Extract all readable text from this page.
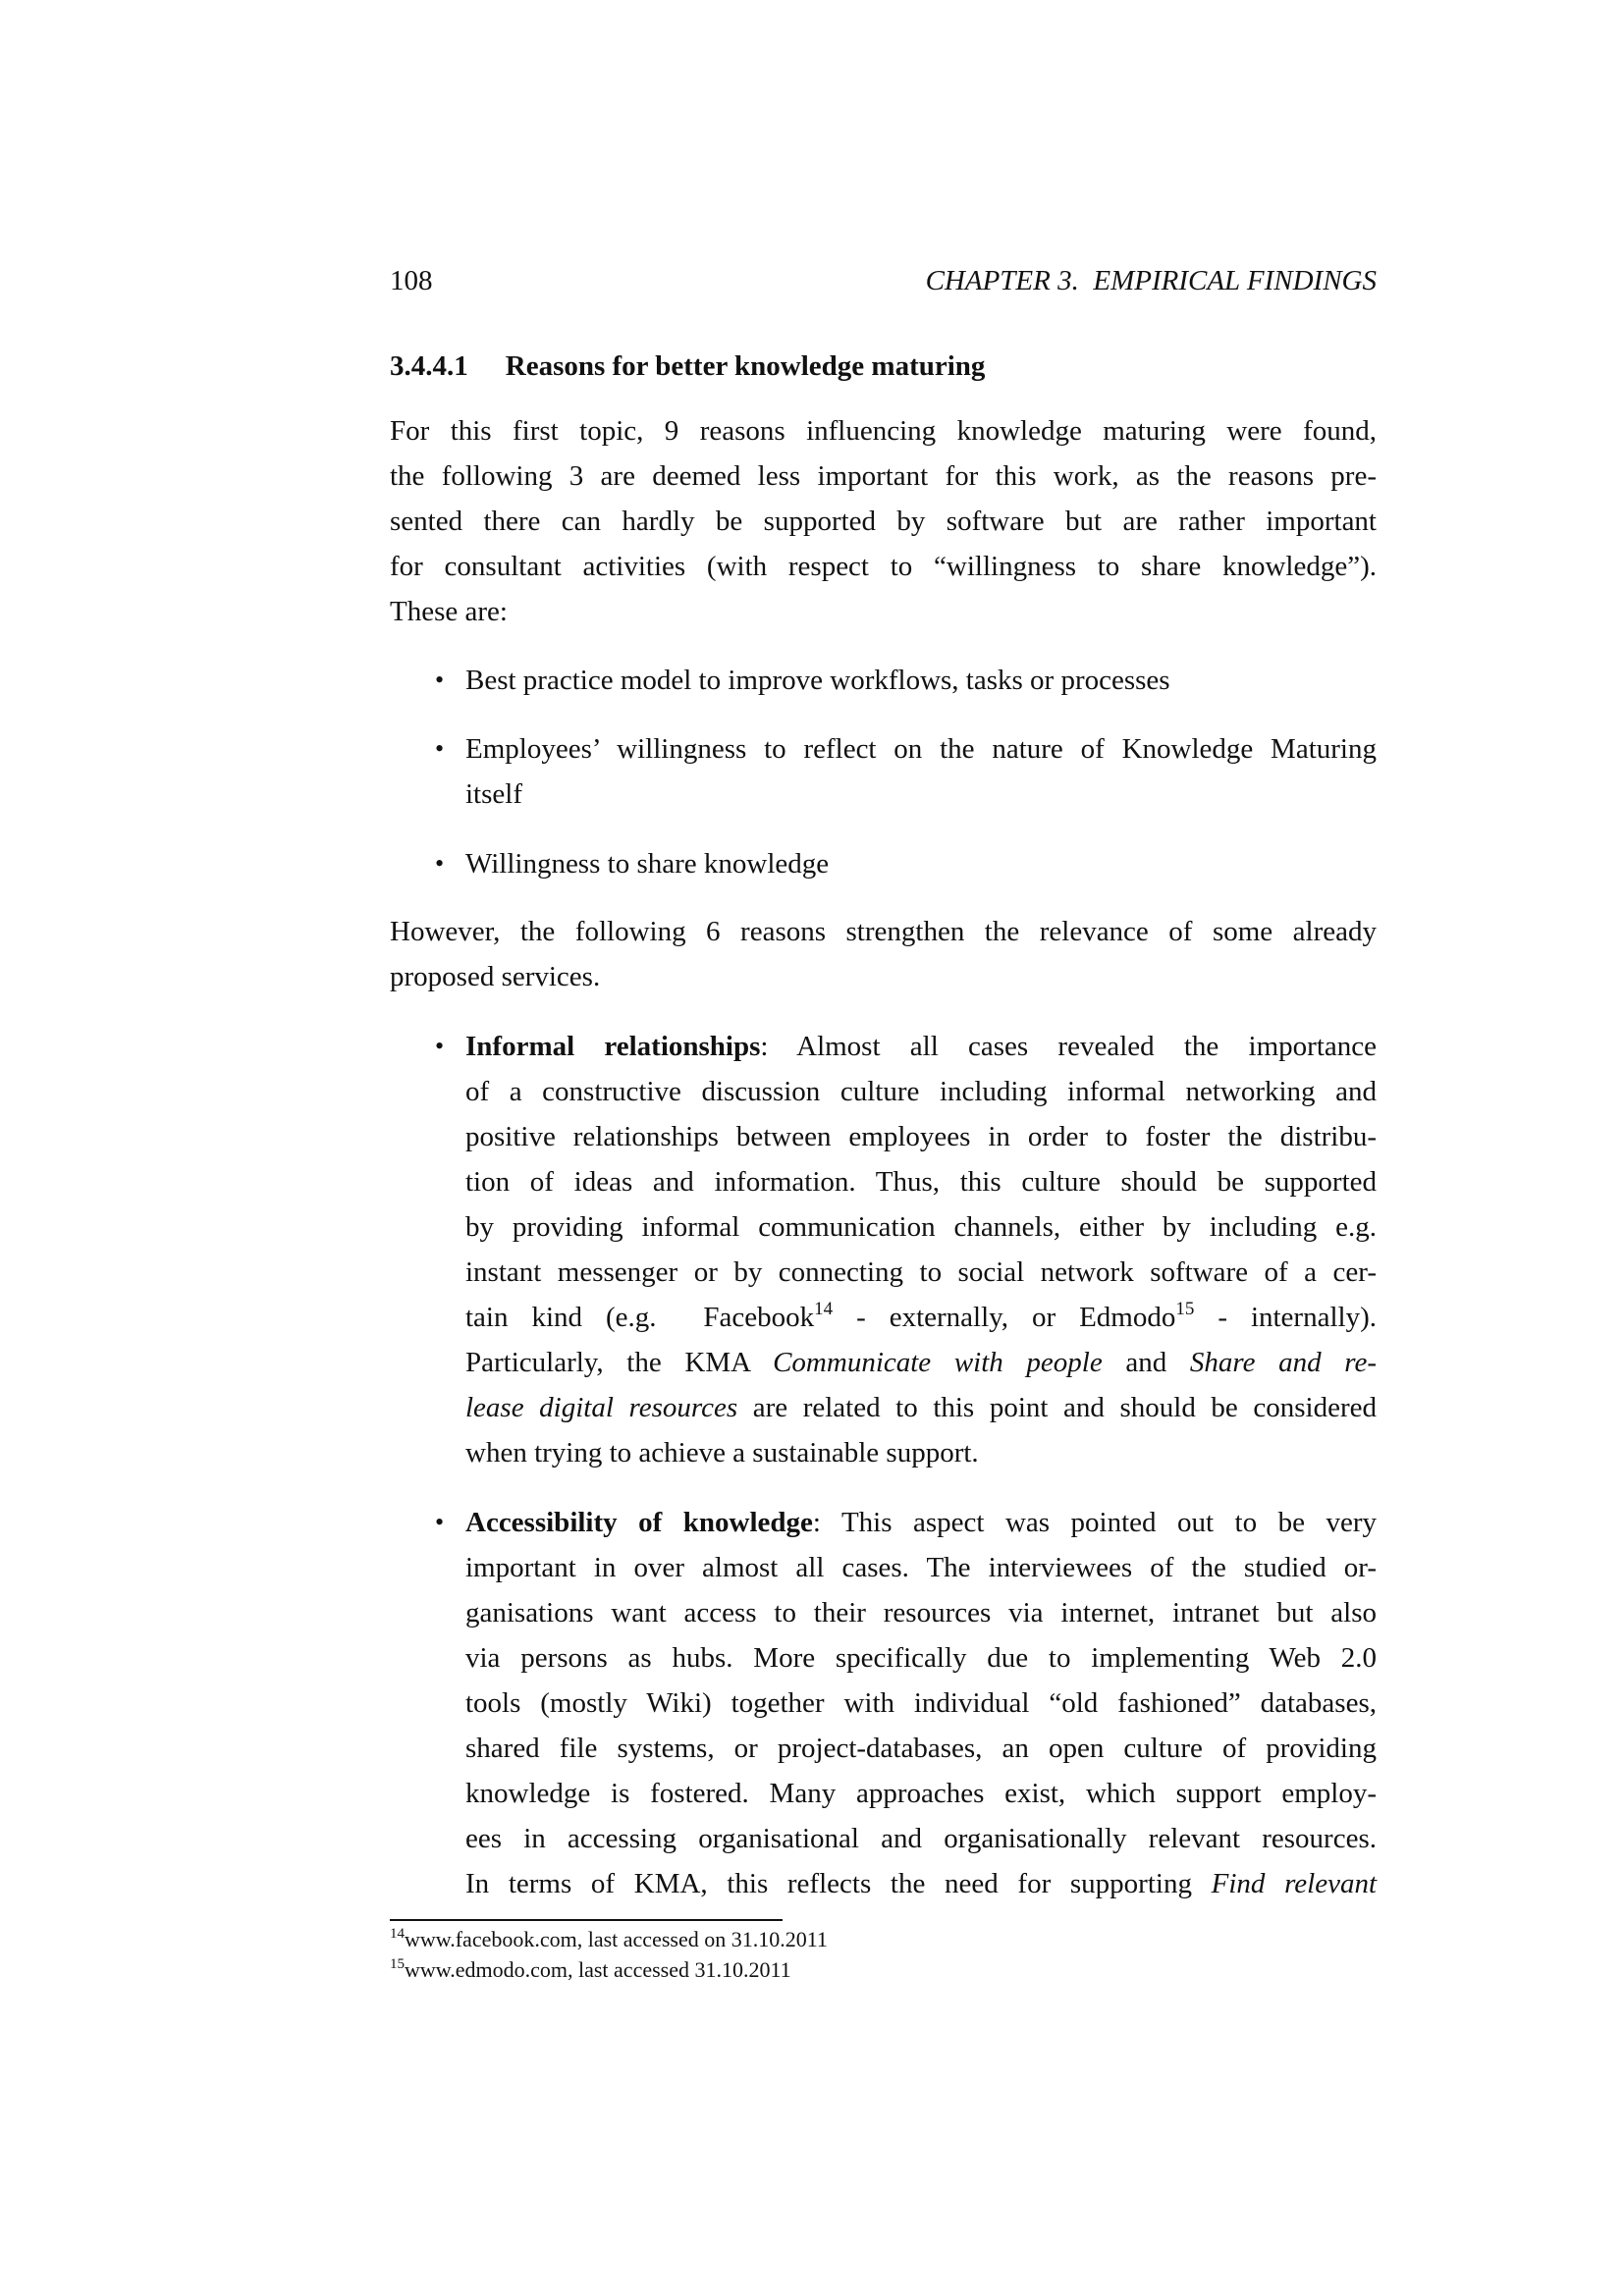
108	CHAPTER 3.  EMPIRICAL FINDINGS
3.4.4.1 Reasons for better knowledge maturing
For this first topic, 9 reasons influencing knowledge maturing were found,
the following 3 are deemed less important for this work, as the reasons pre-
sented there can hardly be supported by software but are rather important
for consultant activities (with respect to “willingness to share knowledge”).
These are:
• Best practice model to improve workflows, tasks or processes
• Employees’ willingness to reflect on the nature of Knowledge Maturing
itself
• Willingness to share knowledge
However, the following 6 reasons strengthen the relevance of some already
proposed services.
• Informal relationships: Almost all cases revealed the importance
of a constructive discussion culture including informal networking and
positive relationships between employees in order to foster the distribu-
tion of ideas and information. Thus, this culture should be supported
by providing informal communication channels, either by including e.g.
instant messenger or by connecting to social network software of a cer-
tain kind (e.g.  Facebook$^{14}$ - externally, or Edmodo$^{15}$ - internally).
Particularly, the KMA Communicate with people and Share and re-
lease digital resources are related to this point and should be considered
when trying to achieve a sustainable support.
• Accessibility of knowledge: This aspect was pointed out to be very
important in over almost all cases. The interviewees of the studied or-
ganisations want access to their resources via internet, intranet but also
via persons as hubs. More specifically due to implementing Web 2.0
tools (mostly Wiki) together with individual “old fashioned” databases,
shared file systems, or project-databases, an open culture of providing
knowledge is fostered. Many approaches exist, which support employ-
ees in accessing organisational and organisationally relevant resources.
In terms of KMA, this reflects the need for supporting Find relevant
$^{14}$www.facebook.com, last accessed on 31.10.2011
$^{15}$www.edmodo.com, last accessed 31.10.2011
